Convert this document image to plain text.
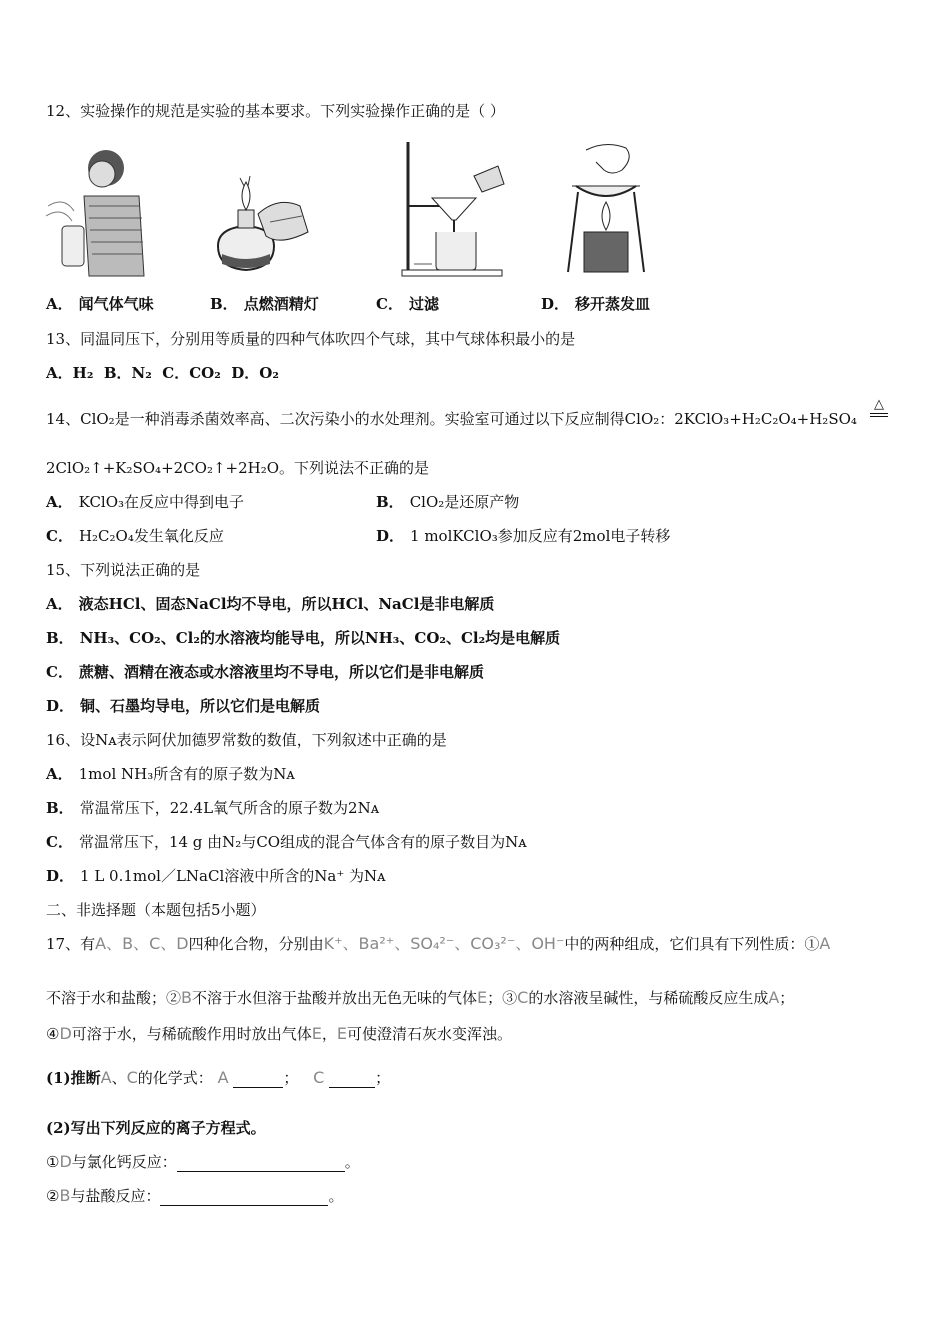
12、实验操作的规范是实验的基本要求。下列实验操作正确的是（ ）
A． 闻气体气味	B． 点燃酒精灯	C． 过滤	D． 移开蒸发皿
13、同温同压下，分别用等质量的四种气体吹四个气球，其中气球体积最小的是
A．H₂ B．N₂ C．CO₂ D．O₂
14、ClO₂是一种消毒杀菌效率高、二次污染小的水处理剂。实验室可通过以下反应制得ClO₂：2KClO₃+H₂C₂O₄+H₂SO₄
△

2ClO₂↑+K₂SO₄+2CO₂↑+2H₂O。下列说法不正确的是
A． KClO₃在反应中得到电子	B． ClO₂是还原产物
C． H₂C₂O₄发生氧化反应	D． 1 molKClO₃参加反应有2mol电子转移
15、下列说法正确的是
A． 液态HCl、固态NaCl均不导电，所以HCl、NaCl是非电解质
B． NH₃、CO₂、Cl₂的水溶液均能导电，所以NH₃、CO₂、Cl₂均是电解质
C． 蔗糖、酒精在液态或水溶液里均不导电，所以它们是非电解质
D． 铜、石墨均导电，所以它们是电解质
16、设Nᴀ表示阿伏加德罗常数的数值，下列叙述中正确的是
A． 1mol NH₃所含有的原子数为Nᴀ
B． 常温常压下，22.4L氧气所含的原子数为2Nᴀ
C． 常温常压下，14 g 由N₂与CO组成的混合气体含有的原子数目为Nᴀ
D． 1 L 0.1mol／LNaCl溶液中所含的Na⁺ 为Nᴀ
二、非选择题（本题包括5小题）
17、有A、B、C、D四种化合物，分别由K⁺、Ba²⁺、SO₄²⁻、CO₃²⁻、OH⁻中的两种组成，它们具有下列性质：①A
不溶于水和盐酸；②B不溶于水但溶于盐酸并放出无色无味的气体E；③C的水溶液呈碱性，与稀硫酸反应生成A；
④D可溶于水，与稀硫酸作用时放出气体E，E可使澄清石灰水变浑浊。
(1)推断A、C的化学式： A	； C	；
(2)写出下列反应的离子方程式。
①D与氯化钙反应：	。
②B与盐酸反应：	。
